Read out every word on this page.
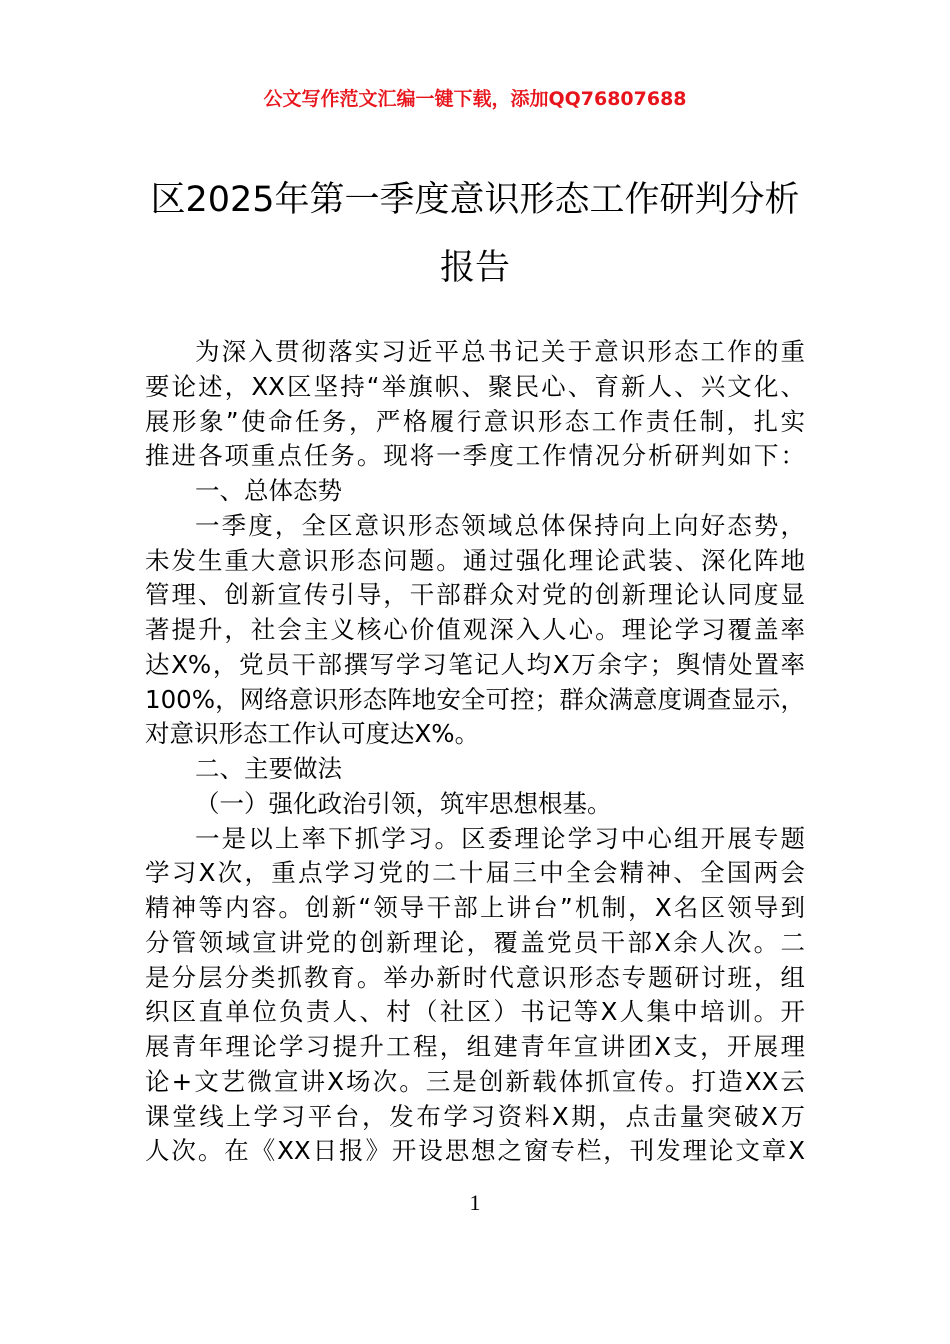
公文写作范文汇编一键下载，添加QQ76807688
区2025年第一季度意识形态工作研判分析
报告
为深入贯彻落实习近平总书记关于意识形态工作的重
要论述，XX区坚持“举旗帜、聚民心、育新人、兴文化、
展形象”使命任务，严格履行意识形态工作责任制，扎实
推进各项重点任务。现将一季度工作情况分析研判如下：
一、总体态势
一季度，全区意识形态领域总体保持向上向好态势，
未发生重大意识形态问题。通过强化理论武装、深化阵地
管理、创新宣传引导，干部群众对党的创新理论认同度显
著提升，社会主义核心价值观深入人心。理论学习覆盖率
达X%，党员干部撰写学习笔记人均X万余字；舆情处置率
100%，网络意识形态阵地安全可控；群众满意度调查显示，
对意识形态工作认可度达X%。
二、主要做法
（一）强化政治引领，筑牢思想根基。
一是以上率下抓学习。区委理论学习中心组开展专题
学习X次，重点学习党的二十届三中全会精神、全国两会
精神等内容。创新“领导干部上讲台”机制，X名区领导到
分管领域宣讲党的创新理论，覆盖党员干部X余人次。二
是分层分类抓教育。举办新时代意识形态专题研讨班，组
织区直单位负责人、村（社区）书记等X人集中培训。开
展青年理论学习提升工程，组建青年宣讲团X支，开展理
论+文艺微宣讲X场次。三是创新载体抓宣传。打造XX云
课堂线上学习平台，发布学习资料X期，点击量突破X万
人次。在《XX日报》开设思想之窗专栏，刊发理论文章X
1
